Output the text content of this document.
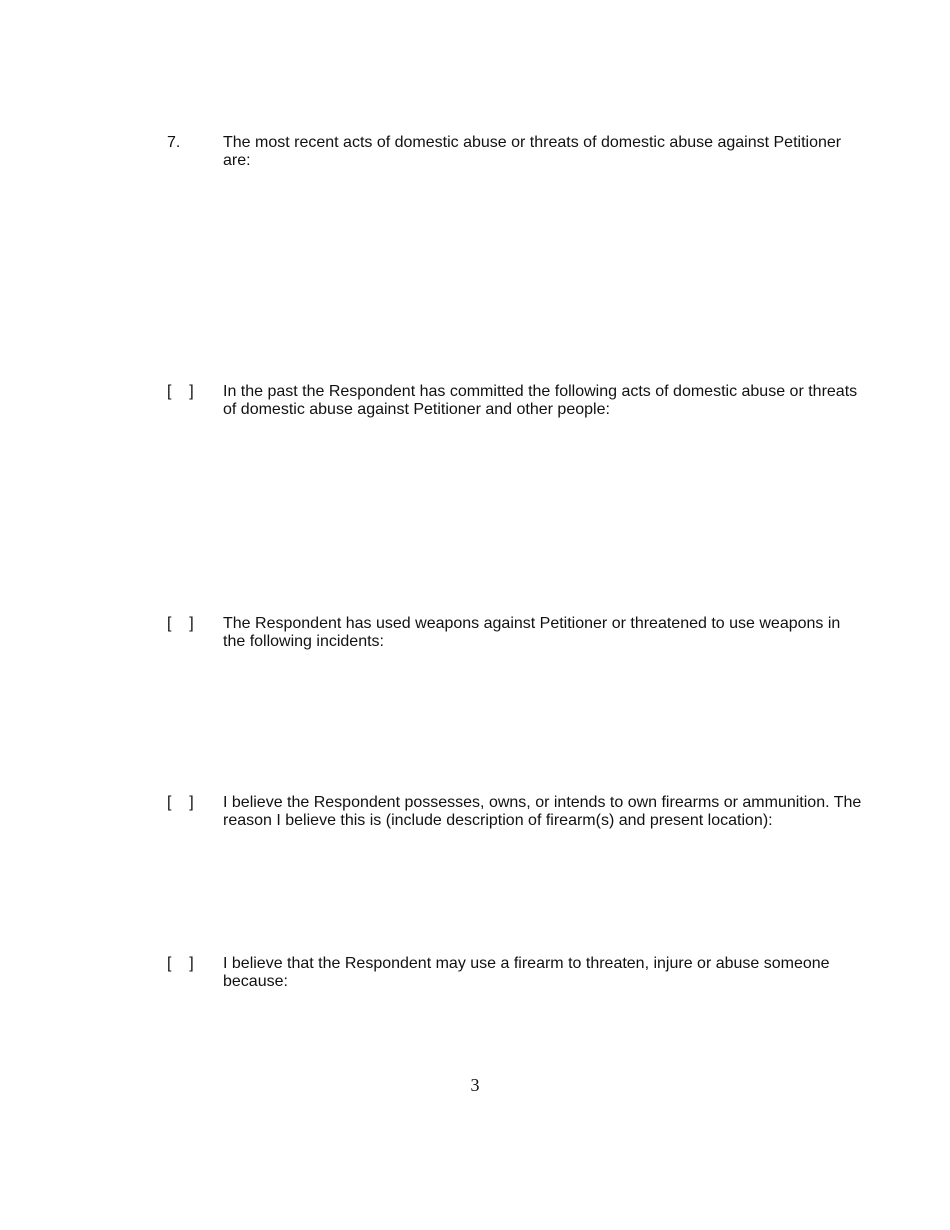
7.	The most recent acts of domestic abuse or threats of domestic abuse against Petitioner are:
[    ] In the past the Respondent has committed the following acts of domestic abuse or threats of domestic abuse against Petitioner and other people:
[    ] The Respondent has used weapons against Petitioner or threatened to use weapons in the following incidents:
[    ] I believe the Respondent possesses, owns, or intends to own firearms or ammunition. The reason I believe this is (include description of firearm(s) and present location):
[    ] I believe that the Respondent may use a firearm to threaten, injure or abuse someone because:
3
